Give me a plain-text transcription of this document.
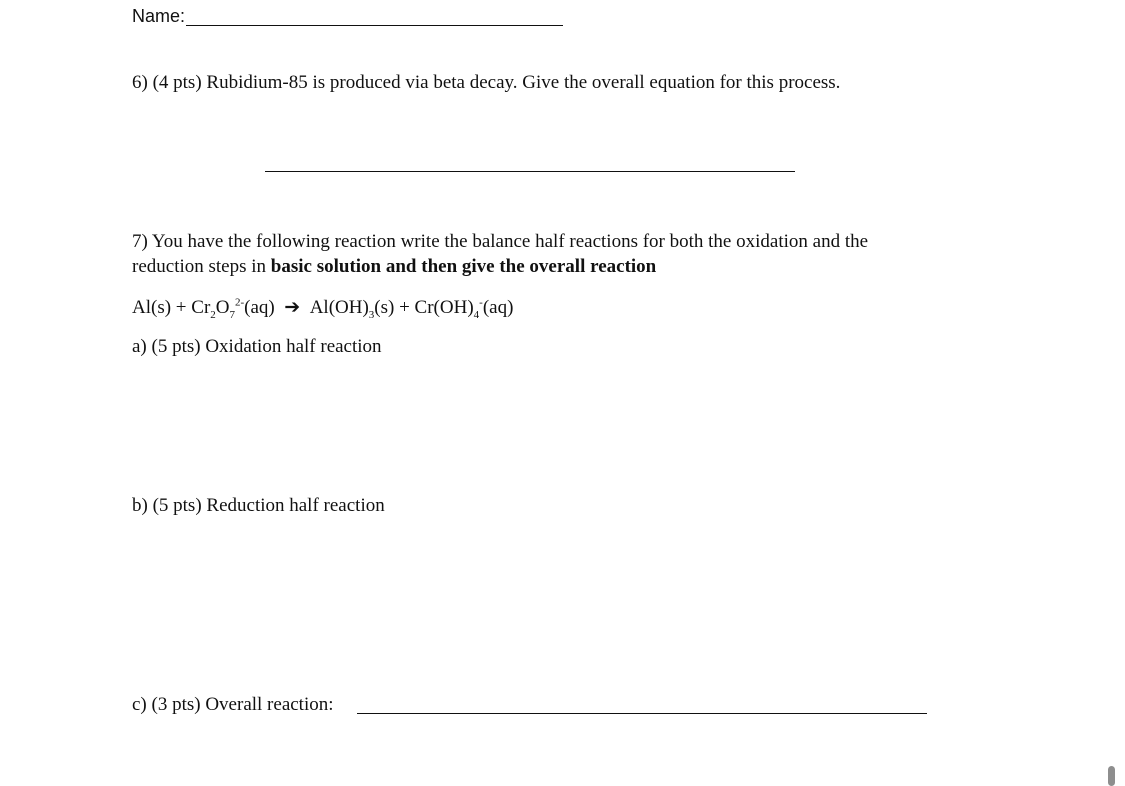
Name:
6) (4 pts) Rubidium-85 is produced via beta decay. Give the overall equation for this process.
7) You have the following reaction write the balance half reactions for both the oxidation and the
reduction steps in basic solution and then give the overall reaction
$Al(s) + Cr_2O_7^{2-}(aq)$ ➔ $Al(OH)_3(s) + Cr(OH)_4^-(aq)$
a) (5 pts) Oxidation half reaction
b) (5 pts) Reduction half reaction
c) (3 pts) Overall reaction:
